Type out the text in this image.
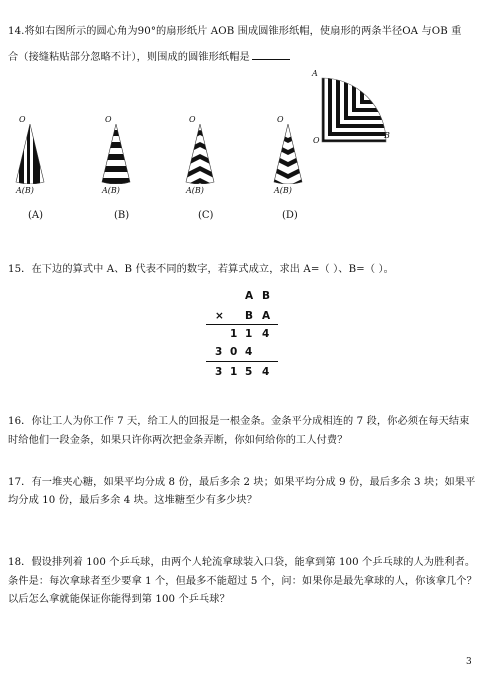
14.将如右图所示的圆心角为90°的扇形纸片 AOB 围成圆锥形纸帽，使扇形的两条半径OA 与OB 重
合（接缝粘贴部分忽略不计），则围成的圆锥形纸帽是
A
O
B
O
A(B)
(A)
O
A(B)
(B)
O
A(B)
(C)
O
A(B)
(D)
15．在下边的算式中 A、B 代表不同的数字，若算式成立，求出 A=（ ）、B=（ ）。
A B
× B A
1 1 4
3 0 4
3 1 5 4
16．你让工人为你工作 7 天，给工人的回报是一根金条。金条平分成相连的 7 段，你必须在每天结束
时给他们一段金条，如果只许你两次把金条弄断，你如何给你的工人付费？
17．有一堆夹心糖，如果平均分成 8 份，最后多余 2 块；如果平均分成 9 份，最后多余 3 块；如果平
均分成 10 份，最后多余 4 块。这堆糖至少有多少块？
18．假设排列着 100 个乒乓球，由两个人轮流拿球装入口袋，能拿到第 100 个乒乓球的人为胜利者。
条件是：每次拿球者至少要拿 1 个，但最多不能超过 5 个，问：如果你是最先拿球的人，你该拿几个？
以后怎么拿就能保证你能得到第 100 个乒乓球？
3
